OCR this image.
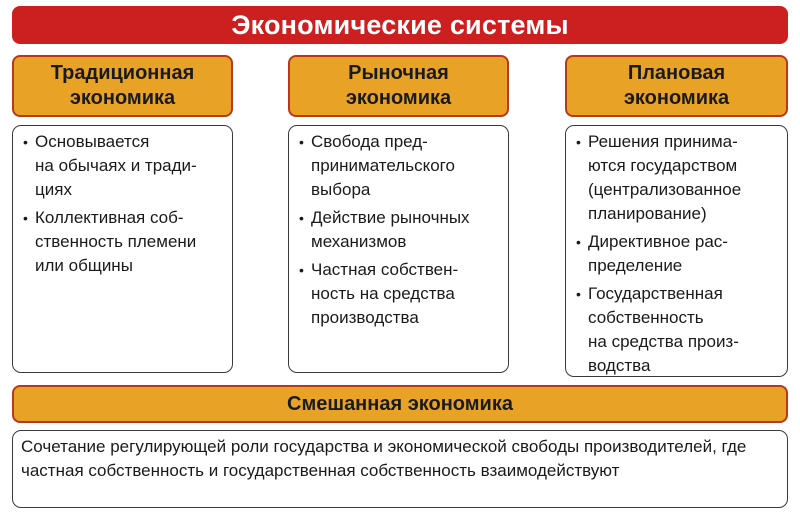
Экономические системы
Традиционная
экономика
• Основывается
на обычаях и тради-
циях
• Коллективная соб-
ственность племени
или общины
Рыночная
экономика
• Свобода пред-
принимательского
выбора
• Действие рыночных
механизмов
• Частная собствен-
ность на средства
производства
Плановая
экономика
• Решения принима-
ются государством
(централизованное
планирование)
• Директивное рас-
пределение
• Государственная
собственность
на средства произ-
водства
Смешанная экономика
Сочетание регулирующей роли государства и экономической свободы производителей, где частная собственность и государственная собственность взаимодействуют
